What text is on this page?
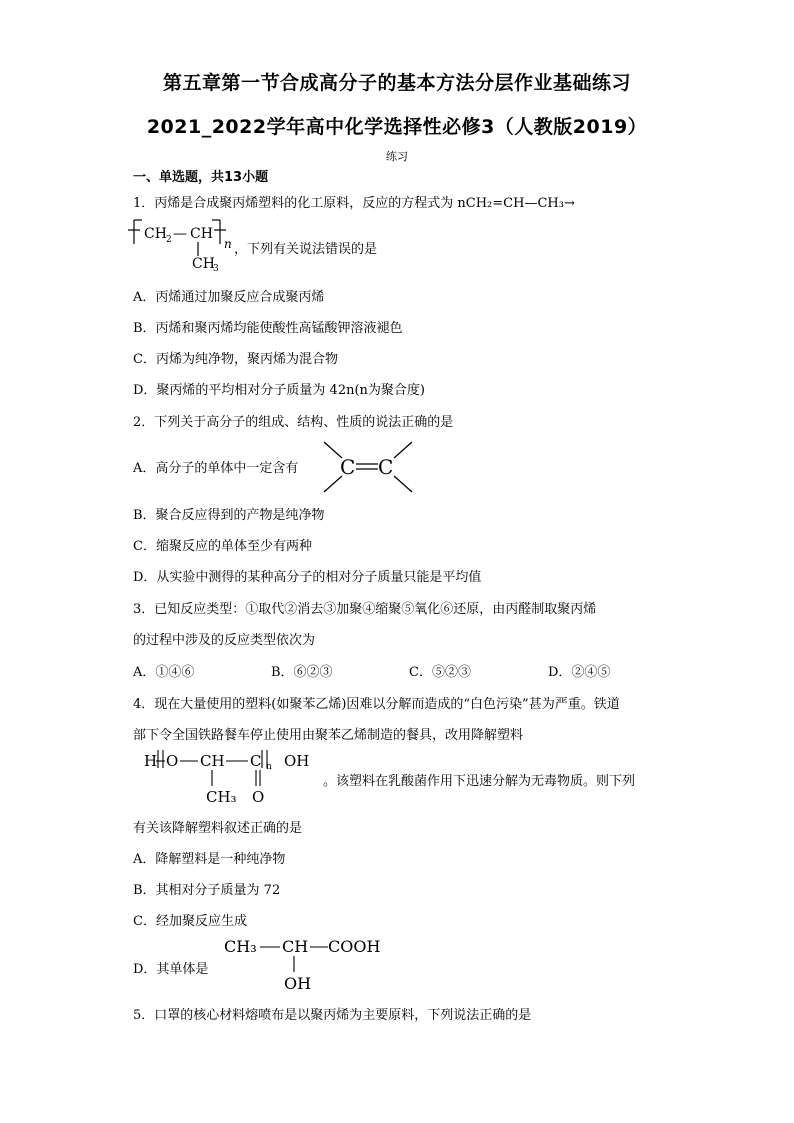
第五章第一节合成高分子的基本方法分层作业基础练习
2021_2022学年高中化学选择性必修3（人教版2019）
练习
一、单选题，共13小题
1．丙烯是合成聚丙烯塑料的化工原料，反应的方程式为 nCH₂=CH—CH₃→
CH 2 — CH
n
CH
3
，下列有关说法错误的是
A．丙烯通过加聚反应合成聚丙烯
B．丙烯和聚丙烯均能使酸性高锰酸钾溶液褪色
C．丙烯为纯净物，聚丙烯为混合物
D．聚丙烯的平均相对分子质量为 42n(n为聚合度)
2．下列关于高分子的组成、结构、性质的说法正确的是
A．高分子的单体中一定含有 C C
B．聚合反应得到的产物是纯净物
C．缩聚反应的单体至少有两种
D．从实验中测得的某种高分子的相对分子质量只能是平均值
3．已知反应类型：①取代②消去③加聚④缩聚⑤氧化⑥还原，由丙醛制取聚丙烯
的过程中涉及的反应类型依次为
A．①④⑥	B．⑥②③	C．⑤②③	D．②④⑤
4．现在大量使用的塑料(如聚苯乙烯)因难以分解而造成的“白色污染”甚为严重。铁道
部下令全国铁路餐车停止使用由聚苯乙烯制造的餐具，改用降解塑料
H O CH C n OH
CH₃ O
。该塑料在乳酸菌作用下迅速分解为无毒物质。则下列
有关该降解塑料叙述正确的是
A．降解塑料是一种纯净物
B．其相对分子质量为 72
C．经加聚反应生成
D．其单体是
CH₃ CH COOH
OH
5．口罩的核心材料熔喷布是以聚丙烯为主要原料，下列说法正确的是
